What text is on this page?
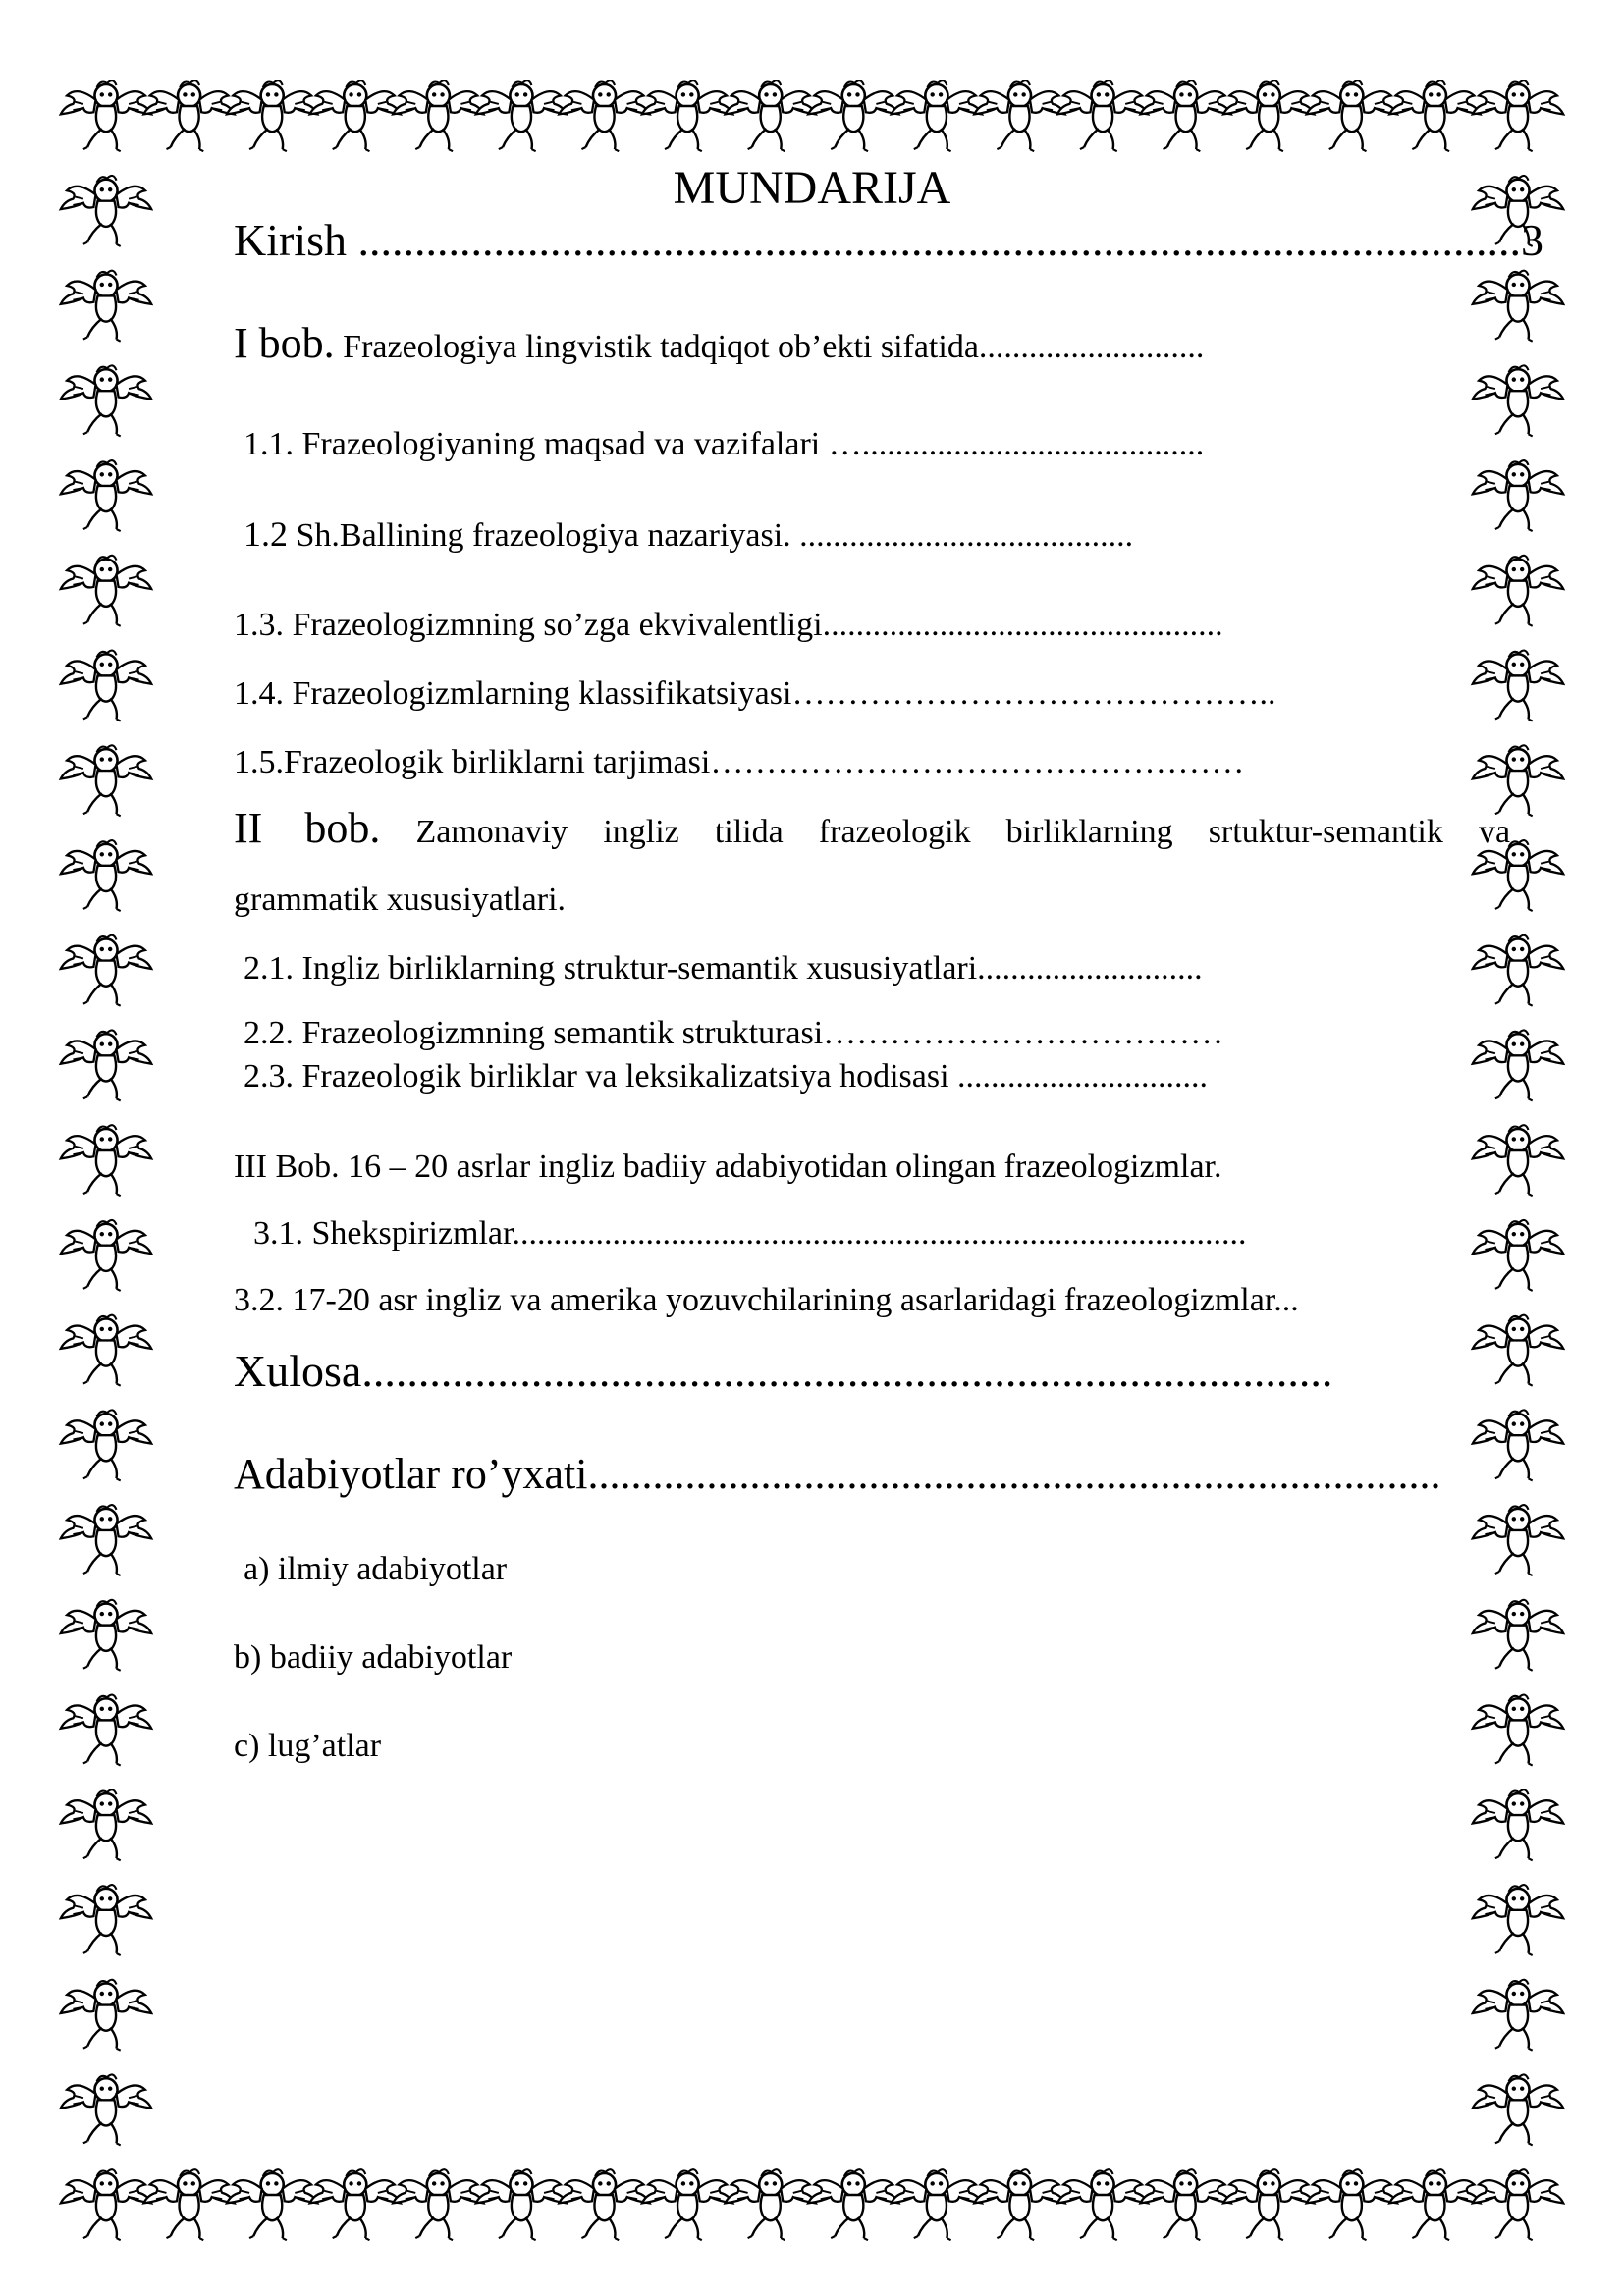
MUNDARIJA
Kirish .......................................................................................................3
I bob. Frazeologiya lingvistik tadqiqot ob’ekti sifatida...........................
1.1. Frazeologiyaning maqsad va vazifalari ….........................................
1.2 Sh.Ballining frazeologiya nazariyasi. ........................................
1.3. Frazeologizmning so’zga ekvivalentligi................................................
1.4. Frazeologizmlarning klassifikatsiyasi……………………………………..
1.5.Frazeologik birliklarni tarjimasi…………………………………………
II bob. Zamonaviy ingliz tilida frazeologik birliklarning srtuktur-semantik va
grammatik xususiyatlari.
2.1. Ingliz birliklarning struktur-semantik xususiyatlari...........................
2.2. Frazeologizmning semantik strukturasi………………………………
2.3. Frazeologik birliklar va leksikalizatsiya hodisasi ..............................
III Bob. 16 – 20 asrlar ingliz badiiy adabiyotidan olingan frazeologizmlar.
3.1. Shekspirizmlar........................................................................................
3.2. 17-20 asr ingliz va amerika yozuvchilarining asarlaridagi frazeologizmlar...
Xulosa......................................................................................
Adabiyotlar ro’yxati...............................................................................
a) ilmiy adabiyotlar
b) badiiy adabiyotlar
c) lug’atlar
